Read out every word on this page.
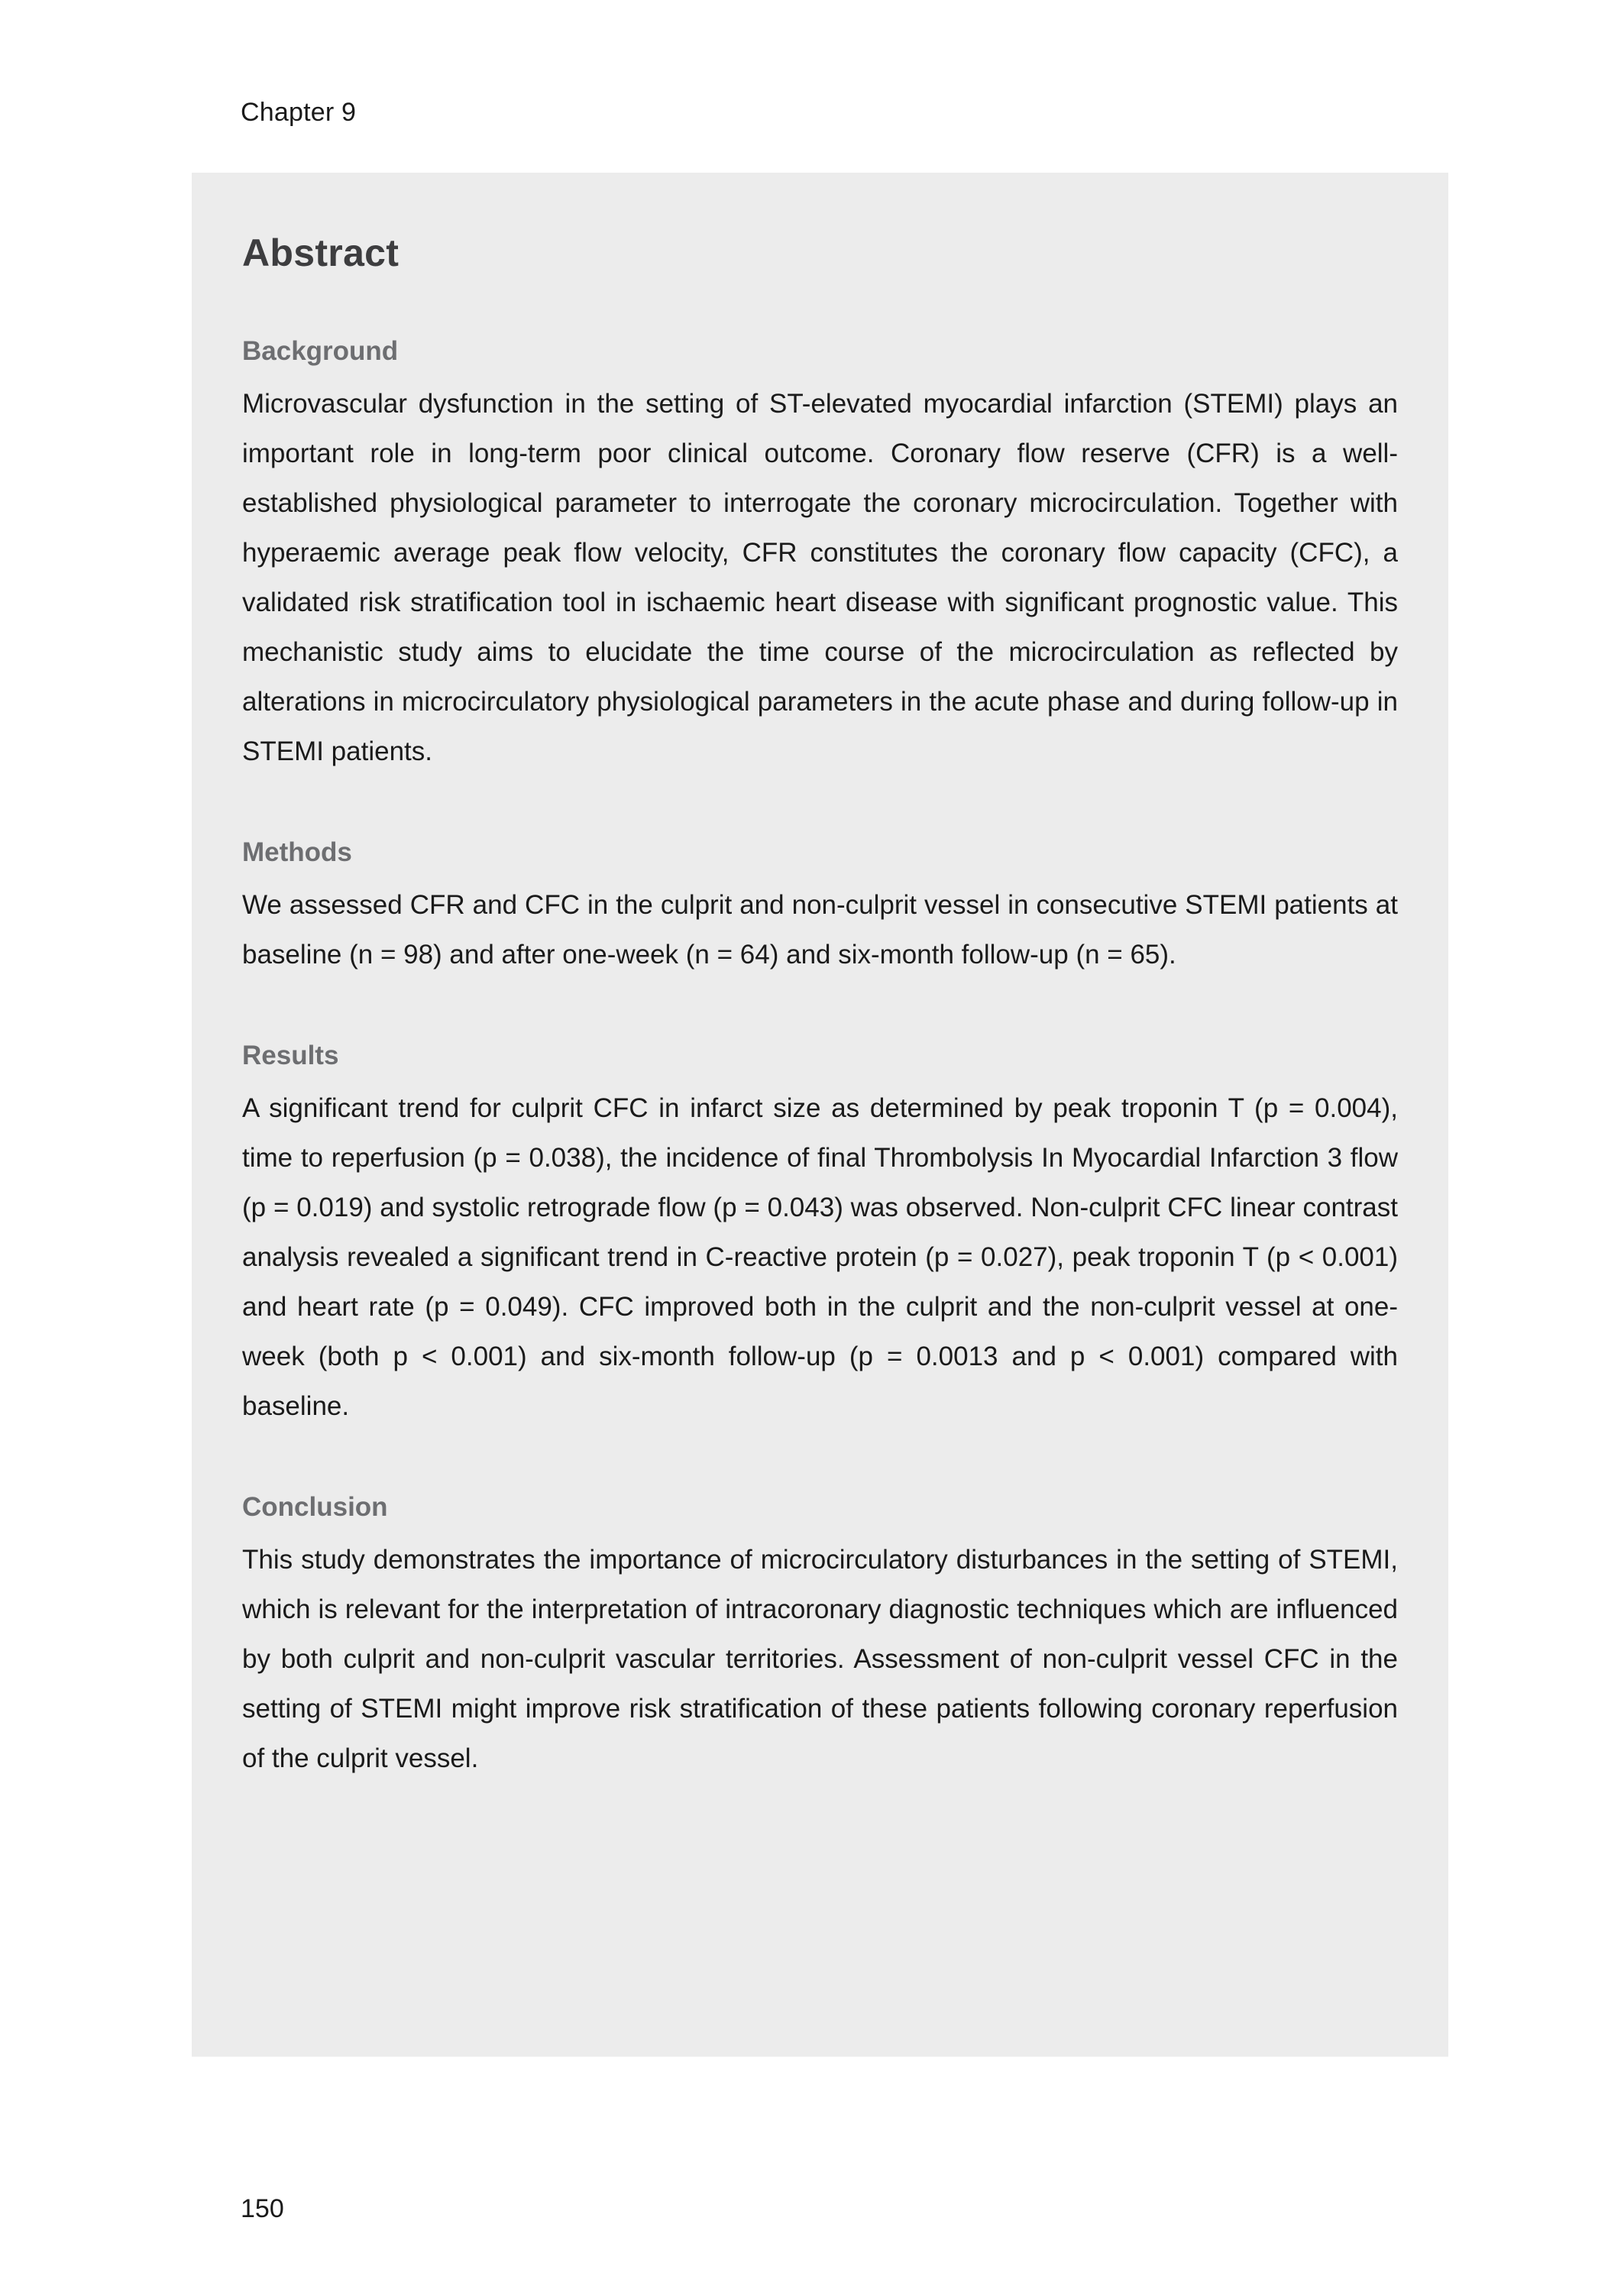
Chapter 9
Abstract
Background

Microvascular dysfunction in the setting of ST-elevated myocardial infarction (STEMI) plays an important role in long-term poor clinical outcome. Coronary flow reserve (CFR) is a well-established physiological parameter to interrogate the coronary microcirculation. Together with hyperaemic average peak flow velocity, CFR constitutes the coronary flow capacity (CFC), a validated risk stratification tool in ischaemic heart disease with significant prognostic value. This mechanistic study aims to elucidate the time course of the microcirculation as reflected by alterations in microcirculatory physiological parameters in the acute phase and during follow-up in STEMI patients.

Methods

We assessed CFR and CFC in the culprit and non-culprit vessel in consecutive STEMI patients at baseline (n = 98) and after one-week (n = 64) and six-month follow-up (n = 65).

Results

A significant trend for culprit CFC in infarct size as determined by peak troponin T (p = 0.004), time to reperfusion (p = 0.038), the incidence of final Thrombolysis In Myocardial Infarction 3 flow (p = 0.019) and systolic retrograde flow (p = 0.043) was observed. Non-culprit CFC linear contrast analysis revealed a significant trend in C-reactive protein (p = 0.027), peak troponin T (p < 0.001) and heart rate (p = 0.049). CFC improved both in the culprit and the non-culprit vessel at one-week (both p < 0.001) and six-month follow-up (p = 0.0013 and p < 0.001) compared with baseline.

Conclusion

This study demonstrates the importance of microcirculatory disturbances in the setting of STEMI, which is relevant for the interpretation of intracoronary diagnostic techniques which are influenced by both culprit and non-culprit vascular territories. Assessment of non-culprit vessel CFC in the setting of STEMI might improve risk stratification of these patients following coronary reperfusion of the culprit vessel.

150
